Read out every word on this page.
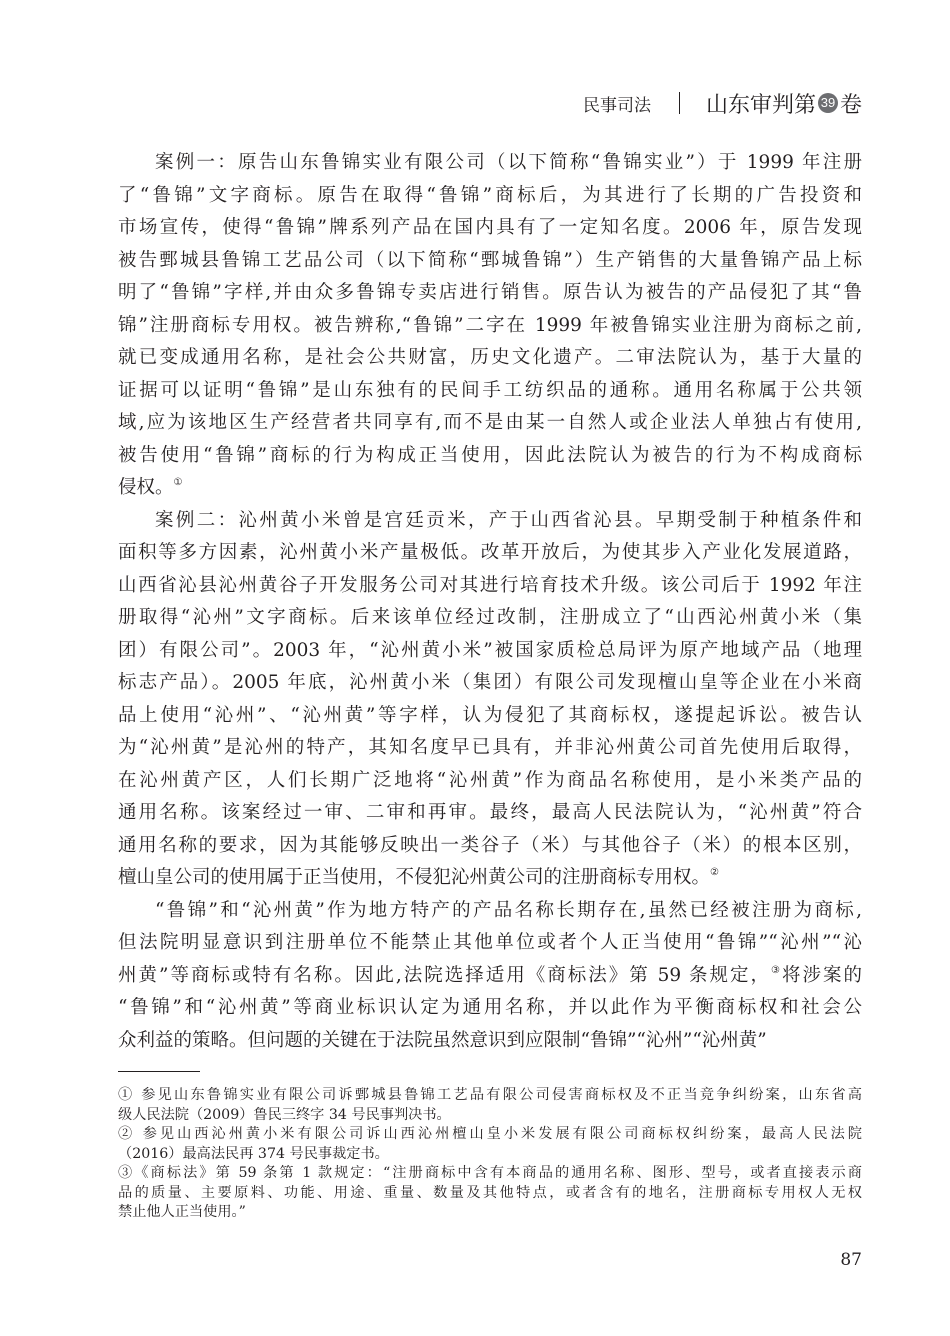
民事司法	山东审判第 39 卷
案例一：原告山东鲁锦实业有限公司（以下简称“鲁锦实业”）于 1999 年注册
了“鲁锦”文字商标。原告在取得“鲁锦”商标后，为其进行了长期的广告投资和
市场宣传，使得“鲁锦”牌系列产品在国内具有了一定知名度。2006 年，原告发现
被告鄄城县鲁锦工艺品公司（以下简称“鄄城鲁锦”）生产销售的大量鲁锦产品上标
明了“鲁锦”字样,并由众多鲁锦专卖店进行销售。原告认为被告的产品侵犯了其“鲁
锦”注册商标专用权。被告辨称,“鲁锦”二字在 1999 年被鲁锦实业注册为商标之前,
就已变成通用名称，是社会公共财富，历史文化遗产。二审法院认为，基于大量的
证据可以证明“鲁锦”是山东独有的民间手工纺织品的通称。通用名称属于公共领
域,应为该地区生产经营者共同享有,而不是由某一自然人或企业法人单独占有使用,
被告使用“鲁锦”商标的行为构成正当使用，因此法院认为被告的行为不构成商标
侵权。①
案例二：沁州黄小米曾是宫廷贡米，产于山西省沁县。早期受制于种植条件和
面积等多方因素，沁州黄小米产量极低。改革开放后，为使其步入产业化发展道路，
山西省沁县沁州黄谷子开发服务公司对其进行培育技术升级。该公司后于 1992 年注
册取得“沁州”文字商标。后来该单位经过改制，注册成立了“山西沁州黄小米（集
团）有限公司”。2003 年，“沁州黄小米”被国家质检总局评为原产地域产品（地理
标志产品）。2005 年底，沁州黄小米（集团）有限公司发现檀山皇等企业在小米商
品上使用“沁州”、“沁州黄”等字样，认为侵犯了其商标权，遂提起诉讼。被告认
为“沁州黄”是沁州的特产，其知名度早已具有，并非沁州黄公司首先使用后取得，
在沁州黄产区，人们长期广泛地将“沁州黄”作为商品名称使用，是小米类产品的
通用名称。该案经过一审、二审和再审。最终，最高人民法院认为，“沁州黄”符合
通用名称的要求，因为其能够反映出一类谷子（米）与其他谷子（米）的根本区别，
檀山皇公司的使用属于正当使用，不侵犯沁州黄公司的注册商标专用权。②
“鲁锦”和“沁州黄”作为地方特产的产品名称长期存在,虽然已经被注册为商标,
但法院明显意识到注册单位不能禁止其他单位或者个人正当使用“鲁锦”“沁州”“沁
州黄”等商标或特有名称。因此,法院选择适用《商标法》第 59 条规定，③将涉案的
“鲁锦”和“沁州黄”等商业标识认定为通用名称，并以此作为平衡商标权和社会公
众利益的策略。但问题的关键在于法院虽然意识到应限制“鲁锦”“沁州”“沁州黄”
① 参见山东鲁锦实业有限公司诉鄄城县鲁锦工艺品有限公司侵害商标权及不正当竞争纠纷案，山东省高
级人民法院（2009）鲁民三终字 34 号民事判决书。
② 参见山西沁州黄小米有限公司诉山西沁州檀山皇小米发展有限公司商标权纠纷案，最高人民法院
（2016）最高法民再 374 号民事裁定书。
③《商标法》第 59 条第 1 款规定：“注册商标中含有本商品的通用名称、图形、型号，或者直接表示商
品的质量、主要原料、功能、用途、重量、数量及其他特点，或者含有的地名，注册商标专用权人无权
禁止他人正当使用。”
87
